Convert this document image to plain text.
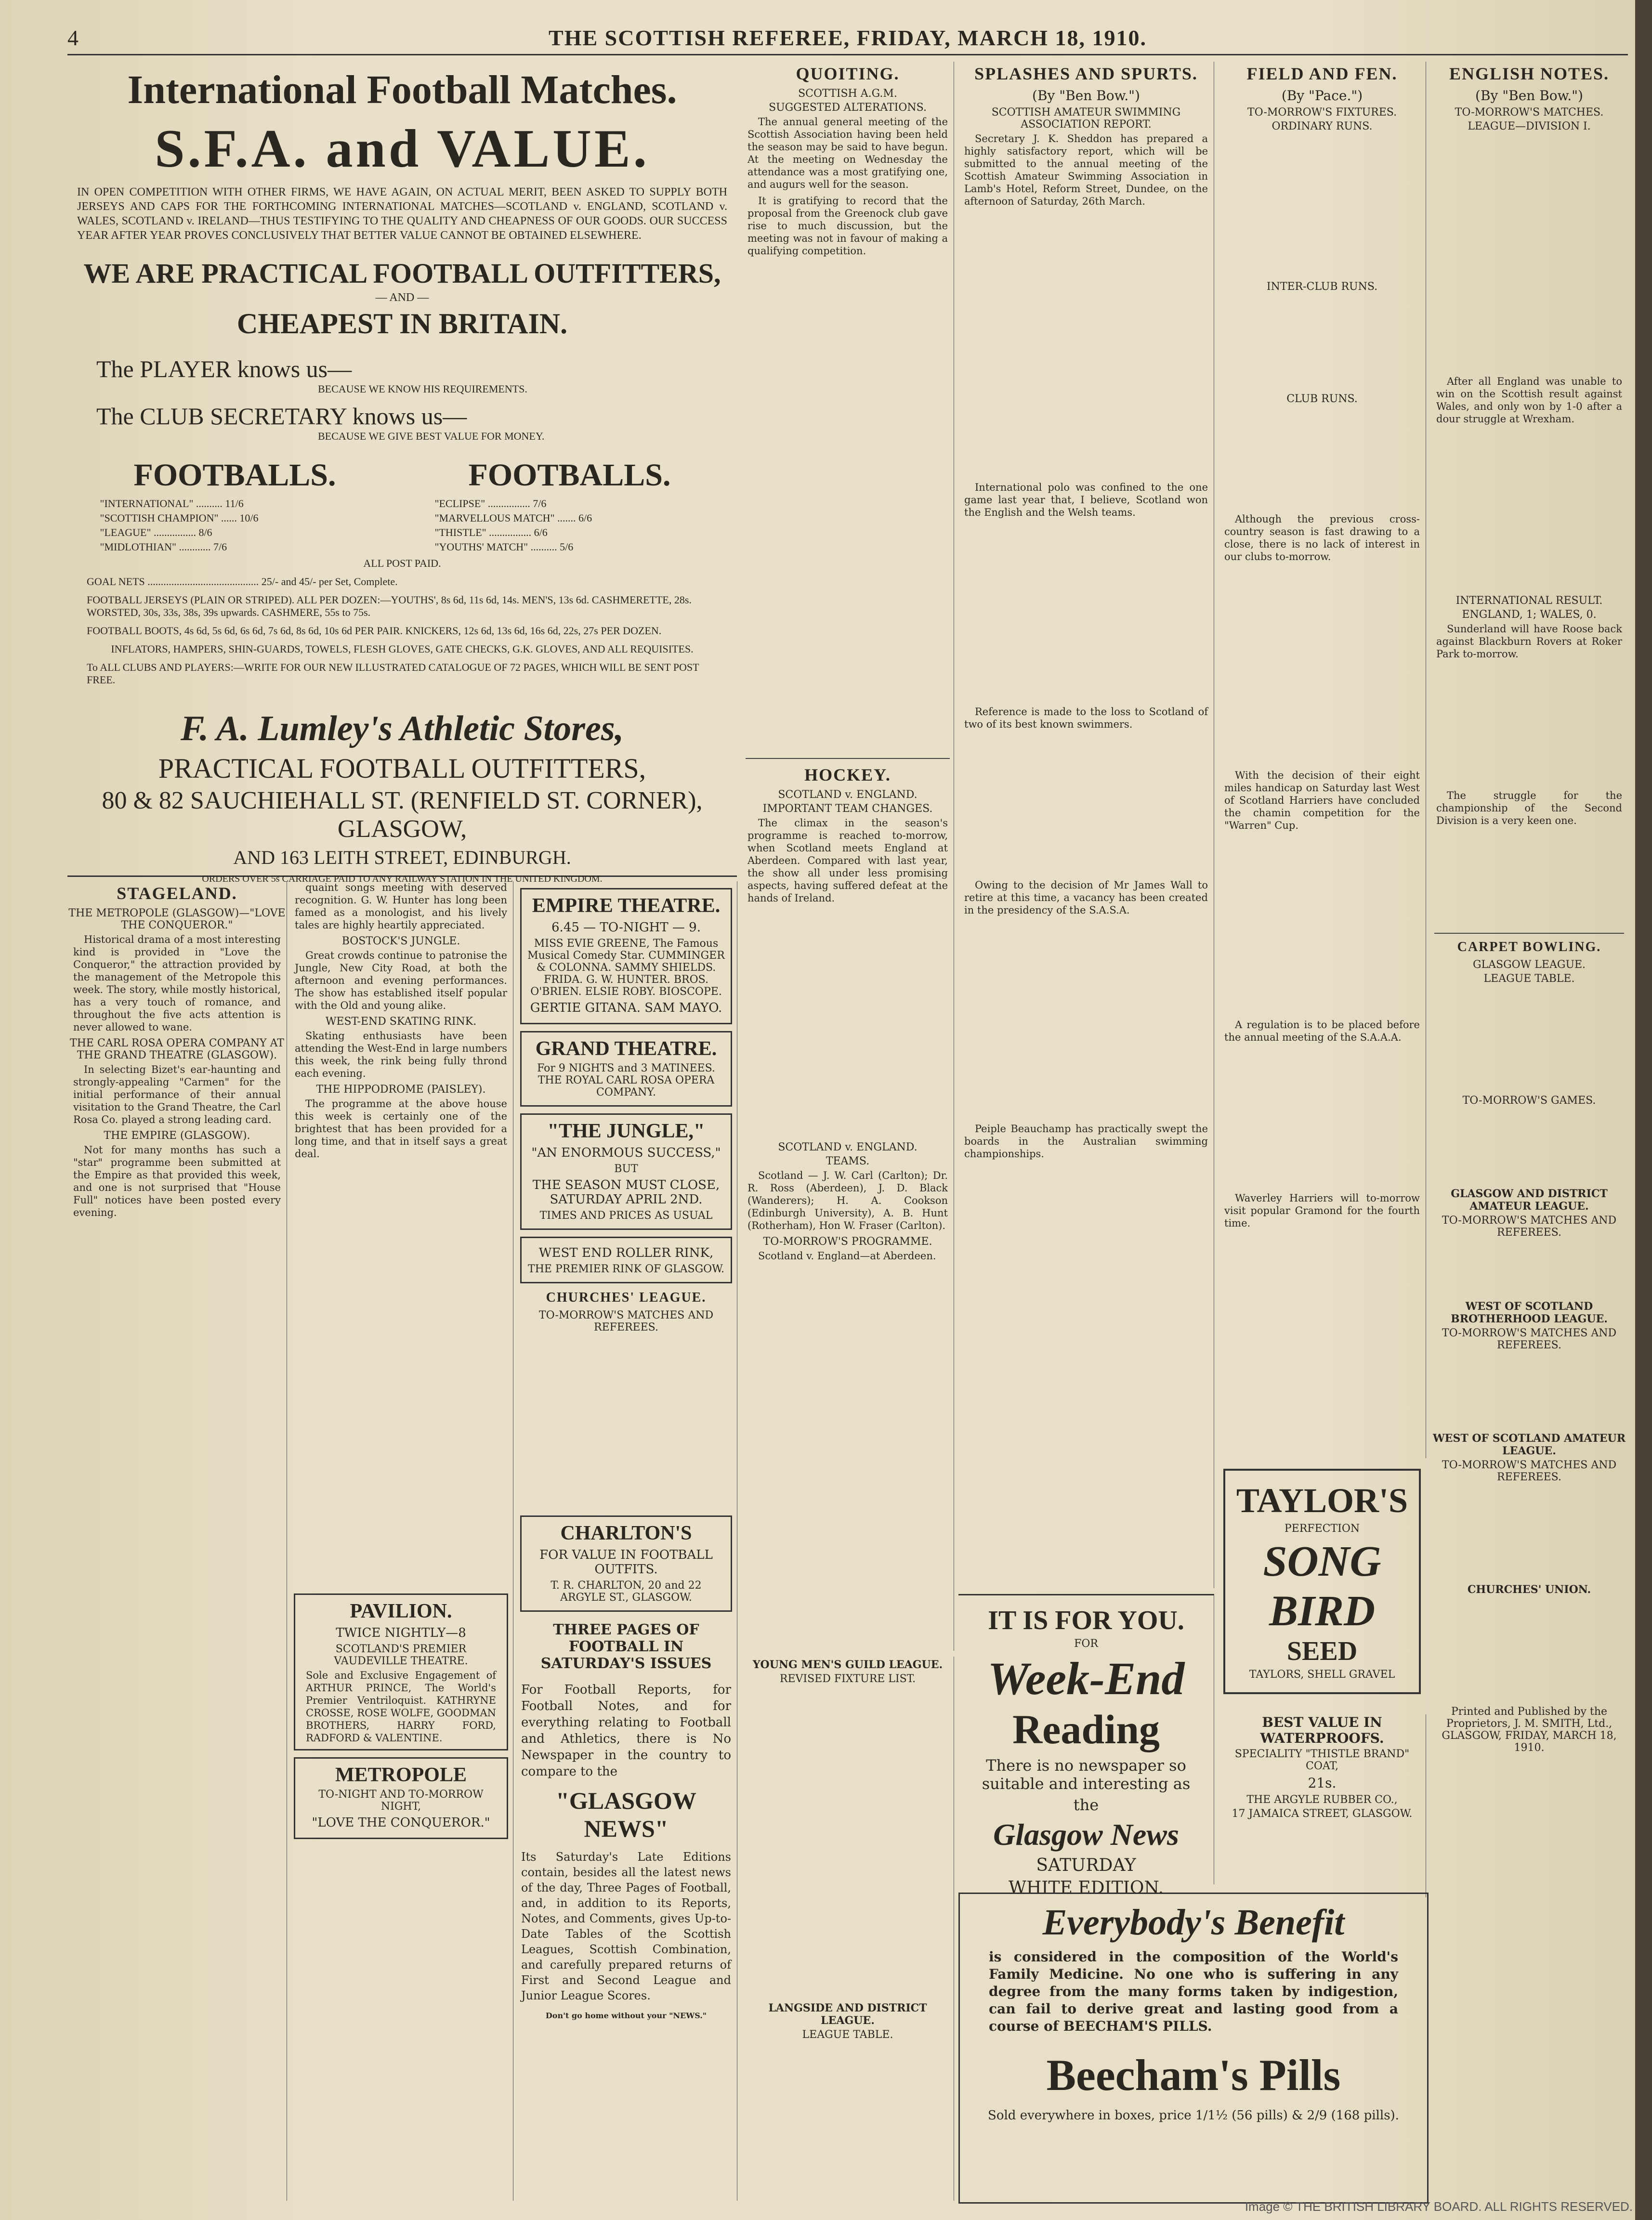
4	THE SCOTTISH REFEREE, FRIDAY, MARCH 18, 1910.
International Football Matches.
S.F.A. and VALUE.
IN OPEN COMPETITION WITH OTHER FIRMS, WE HAVE AGAIN, ON ACTUAL MERIT, BEEN ASKED TO SUPPLY BOTH JERSEYS AND CAPS FOR THE FORTHCOMING INTERNATIONAL MATCHES—SCOTLAND v. ENGLAND, SCOTLAND v. WALES, SCOTLAND v. IRELAND—THUS TESTIFYING TO THE QUALITY AND CHEAPNESS OF OUR GOODS. OUR SUCCESS YEAR AFTER YEAR PROVES CONCLUSIVELY THAT BETTER VALUE CANNOT BE OBTAINED ELSEWHERE.
WE ARE PRACTICAL FOOTBALL OUTFITTERS,
— AND —
CHEAPEST IN BRITAIN.
The PLAYER knows us—
BECAUSE WE KNOW HIS REQUIREMENTS.
The CLUB SECRETARY knows us—
BECAUSE WE GIVE BEST VALUE FOR MONEY.
FOOTBALLS.	FOOTBALLS.
"INTERNATIONAL" .......... 11/6
"SCOTTISH CHAMPION" ...... 10/6
"LEAGUE" ................ 8/6
"MIDLOTHIAN" ............ 7/6
"ECLIPSE" ................ 7/6
"MARVELLOUS MATCH" ....... 6/6
"THISTLE" ................ 6/6
"YOUTHS' MATCH" .......... 5/6
ALL POST PAID.
GOAL NETS .......................................... 25/- and 45/- per Set, Complete.
FOOTBALL JERSEYS (PLAIN OR STRIPED). ALL PER DOZEN:—YOUTHS', 8s 6d, 11s 6d, 14s. MEN'S, 13s 6d. CASHMERETTE, 28s. WORSTED, 30s, 33s, 38s, 39s upwards. CASHMERE, 55s to 75s.
FOOTBALL BOOTS, 4s 6d, 5s 6d, 6s 6d, 7s 6d, 8s 6d, 10s 6d PER PAIR. KNICKERS, 12s 6d, 13s 6d, 16s 6d, 22s, 27s PER DOZEN.
INFLATORS, HAMPERS, SHIN-GUARDS, TOWELS, FLESH GLOVES, GATE CHECKS, G.K. GLOVES, AND ALL REQUISITES.
To ALL CLUBS AND PLAYERS:—WRITE FOR OUR NEW ILLUSTRATED CATALOGUE OF 72 PAGES, WHICH WILL BE SENT POST FREE.
F. A. Lumley's Athletic Stores,
PRACTICAL FOOTBALL OUTFITTERS,
80 & 82 SAUCHIEHALL ST. (RENFIELD ST. CORNER), GLASGOW,
AND 163 LEITH STREET, EDINBURGH.
ORDERS OVER 5s CARRIAGE PAID TO ANY RAILWAY STATION IN THE UNITED KINGDOM.
STAGELAND.
THE METROPOLE (GLASGOW)—"LOVE THE CONQUEROR."

Historical drama of a most interesting kind is provided in "Love the Conqueror," the attraction provided by the management of the Metropole this week. The story, while mostly historical, has a very touch of romance, and throughout the five acts attention is never allowed to wane.

THE CARL ROSA OPERA COMPANY AT THE GRAND THEATRE (GLASGOW).

In selecting Bizet's ear-haunting and strongly-appealing "Carmen" for the initial performance of their annual visitation to the Grand Theatre, the Carl Rosa Co. played a strong leading card.

THE EMPIRE (GLASGOW).

Not for many months has such a "star" programme been submitted at the Empire as that provided this week, and one is not surprised that "House Full" notices have been posted every evening.

quaint songs meeting with deserved recognition. G. W. Hunter has long been famed as a monologist, and his lively tales are highly heartily appreciated.

BOSTOCK'S JUNGLE.

Great crowds continue to patronise the Jungle, New City Road, at both the afternoon and evening performances. The show has established itself popular with the Old and young alike.

WEST-END SKATING RINK.

Skating enthusiasts have been attending the West-End in large numbers this week, the rink being fully thrond each evening.

THE HIPPODROME (PAISLEY).

The programme at the above house this week is certainly one of the brightest that has been provided for a long time, and that in itself says a great deal.

PAVILION.
TWICE NIGHTLY—8
SCOTLAND'S PREMIER VAUDEVILLE THEATRE.
Sole and Exclusive Engagement of ARTHUR PRINCE, The World's Premier Ventriloquist. KATHRYNE CROSSE, ROSE WOLFE, GOODMAN BROTHERS, HARRY FORD, RADFORD & VALENTINE.
METROPOLE
TO-NIGHT AND TO-MORROW NIGHT,
"LOVE THE CONQUEROR."
EMPIRE THEATRE.
6.45 — TO-NIGHT — 9.
MISS EVIE GREENE, The Famous Musical Comedy Star. CUMMINGER & COLONNA. SAMMY SHIELDS. FRIDA. G. W. HUNTER. BROS. O'BRIEN. ELSIE ROBY. BIOSCOPE.
GERTIE GITANA. SAM MAYO.
GRAND THEATRE.
For 9 NIGHTS and 3 MATINEES. THE ROYAL CARL ROSA OPERA COMPANY.
"THE JUNGLE,"
"AN ENORMOUS SUCCESS,"
BUT
THE SEASON MUST CLOSE, SATURDAY APRIL 2ND.
TIMES AND PRICES AS USUAL
WEST END ROLLER RINK,
THE PREMIER RINK OF GLASGOW.
CHURCHES' LEAGUE.
TO-MORROW'S MATCHES AND REFEREES.
CHARLTON'S
FOR VALUE IN FOOTBALL OUTFITS.
T. R. CHARLTON, 20 and 22 ARGYLE ST., GLASGOW.
THREE PAGES OF FOOTBALL IN SATURDAY'S ISSUES
For Football Reports, for Football Notes, and for everything relating to Football and Athletics, there is No Newspaper in the country to compare to the
"GLASGOW NEWS"
Its Saturday's Late Editions contain, besides all the latest news of the day, Three Pages of Football, and, in addition to its Reports, Notes, and Comments, gives Up-to-Date Tables of the Scottish Leagues, Scottish Combination, and carefully prepared returns of First and Second League and Junior League Scores.
Don't go home without your "NEWS."
QUOITING.
SCOTTISH A.G.M.
SUGGESTED ALTERATIONS.

The annual general meeting of the Scottish Association having been held the season may be said to have begun. At the meeting on Wednesday the attendance was a most gratifying one, and augurs well for the season.

It is gratifying to record that the proposal from the Greenock club gave rise to much discussion, but the meeting was not in favour of making a qualifying competition.

HOCKEY.
SCOTLAND v. ENGLAND.
IMPORTANT TEAM CHANGES.

The climax in the season's programme is reached to-morrow, when Scotland meets England at Aberdeen. Compared with last year, the show all under less promising aspects, having suffered defeat at the hands of Ireland.

SCOTLAND v. ENGLAND.
TEAMS.

Scotland — J. W. Carl (Carlton); Dr. R. Ross (Aberdeen), J. D. Black (Wanderers); H. A. Cookson (Edinburgh University), A. B. Hunt (Rotherham), Hon W. Fraser (Carlton).

TO-MORROW'S PROGRAMME.

Scotland v. England—at Aberdeen.

YOUNG MEN'S GUILD LEAGUE.
REVISED FIXTURE LIST.
LANGSIDE AND DISTRICT LEAGUE.
LEAGUE TABLE.
SPLASHES AND SPURTS.
(By "Ben Bow.")
SCOTTISH AMATEUR SWIMMING ASSOCIATION REPORT.

Secretary J. K. Sheddon has prepared a highly satisfactory report, which will be submitted to the annual meeting of the Scottish Amateur Swimming Association in Lamb's Hotel, Reform Street, Dundee, on the afternoon of Saturday, 26th March.

International polo was confined to the one game last year that, I believe, Scotland won the English and the Welsh teams.

Reference is made to the loss to Scotland of two of its best known swimmers.

Owing to the decision of Mr James Wall to retire at this time, a vacancy has been created in the presidency of the S.A.S.A.

Peiple Beauchamp has practically swept the boards in the Australian swimming championships.

FIELD AND FEN.
(By "Pace.")
TO-MORROW'S FIXTURES.
ORDINARY RUNS.
INTER-CLUB RUNS.
CLUB RUNS.

Although the previous cross-country season is fast drawing to a close, there is no lack of interest in our clubs to-morrow.

With the decision of their eight miles handicap on Saturday last West of Scotland Harriers have concluded the chamin competition for the "Warren" Cup.

A regulation is to be placed before the annual meeting of the S.A.A.A.

Waverley Harriers will to-morrow visit popular Gramond for the fourth time.

TAYLOR'S
PERFECTION
SONG
BIRD
SEED
TAYLORS, SHELL GRAVEL
BEST VALUE IN WATERPROOFS.
SPECIALITY "THISTLE BRAND" COAT,
21s.
THE ARGYLE RUBBER CO.,
17 JAMAICA STREET, GLASGOW.
ENGLISH NOTES.
(By "Ben Bow.")
TO-MORROW'S MATCHES.
LEAGUE—DIVISION I.

After all England was unable to win on the Scottish result against Wales, and only won by 1-0 after a dour struggle at Wrexham.

INTERNATIONAL RESULT.
ENGLAND, 1; WALES, 0.

Sunderland will have Roose back against Blackburn Rovers at Roker Park to-morrow.

The struggle for the championship of the Second Division is a very keen one.

CARPET BOWLING.
GLASGOW LEAGUE.
LEAGUE TABLE.
TO-MORROW'S GAMES.
GLASGOW AND DISTRICT AMATEUR LEAGUE.
TO-MORROW'S MATCHES AND REFEREES.
WEST OF SCOTLAND BROTHERHOOD LEAGUE.
TO-MORROW'S MATCHES AND REFEREES.
WEST OF SCOTLAND AMATEUR LEAGUE.
TO-MORROW'S MATCHES AND REFEREES.
CHURCHES' UNION.
Printed and Published by the Proprietors, J. M. SMITH, Ltd., GLASGOW, FRIDAY, MARCH 18, 1910.
IT IS FOR YOU.
FOR
Week-End
Reading
There is no newspaper so suitable and interesting as
the
Glasgow News
SATURDAY
WHITE EDITION.
Everybody's Benefit
is considered in the composition of the World's Family Medicine. No one who is suffering in any degree from the many forms taken by indigestion, can fail to derive great and lasting good from a course of BEECHAM'S PILLS.
Beecham's Pills
Sold everywhere in boxes, price 1/1½ (56 pills) & 2/9 (168 pills).
Image © THE BRITISH LIBRARY BOARD. ALL RIGHTS RESERVED.
